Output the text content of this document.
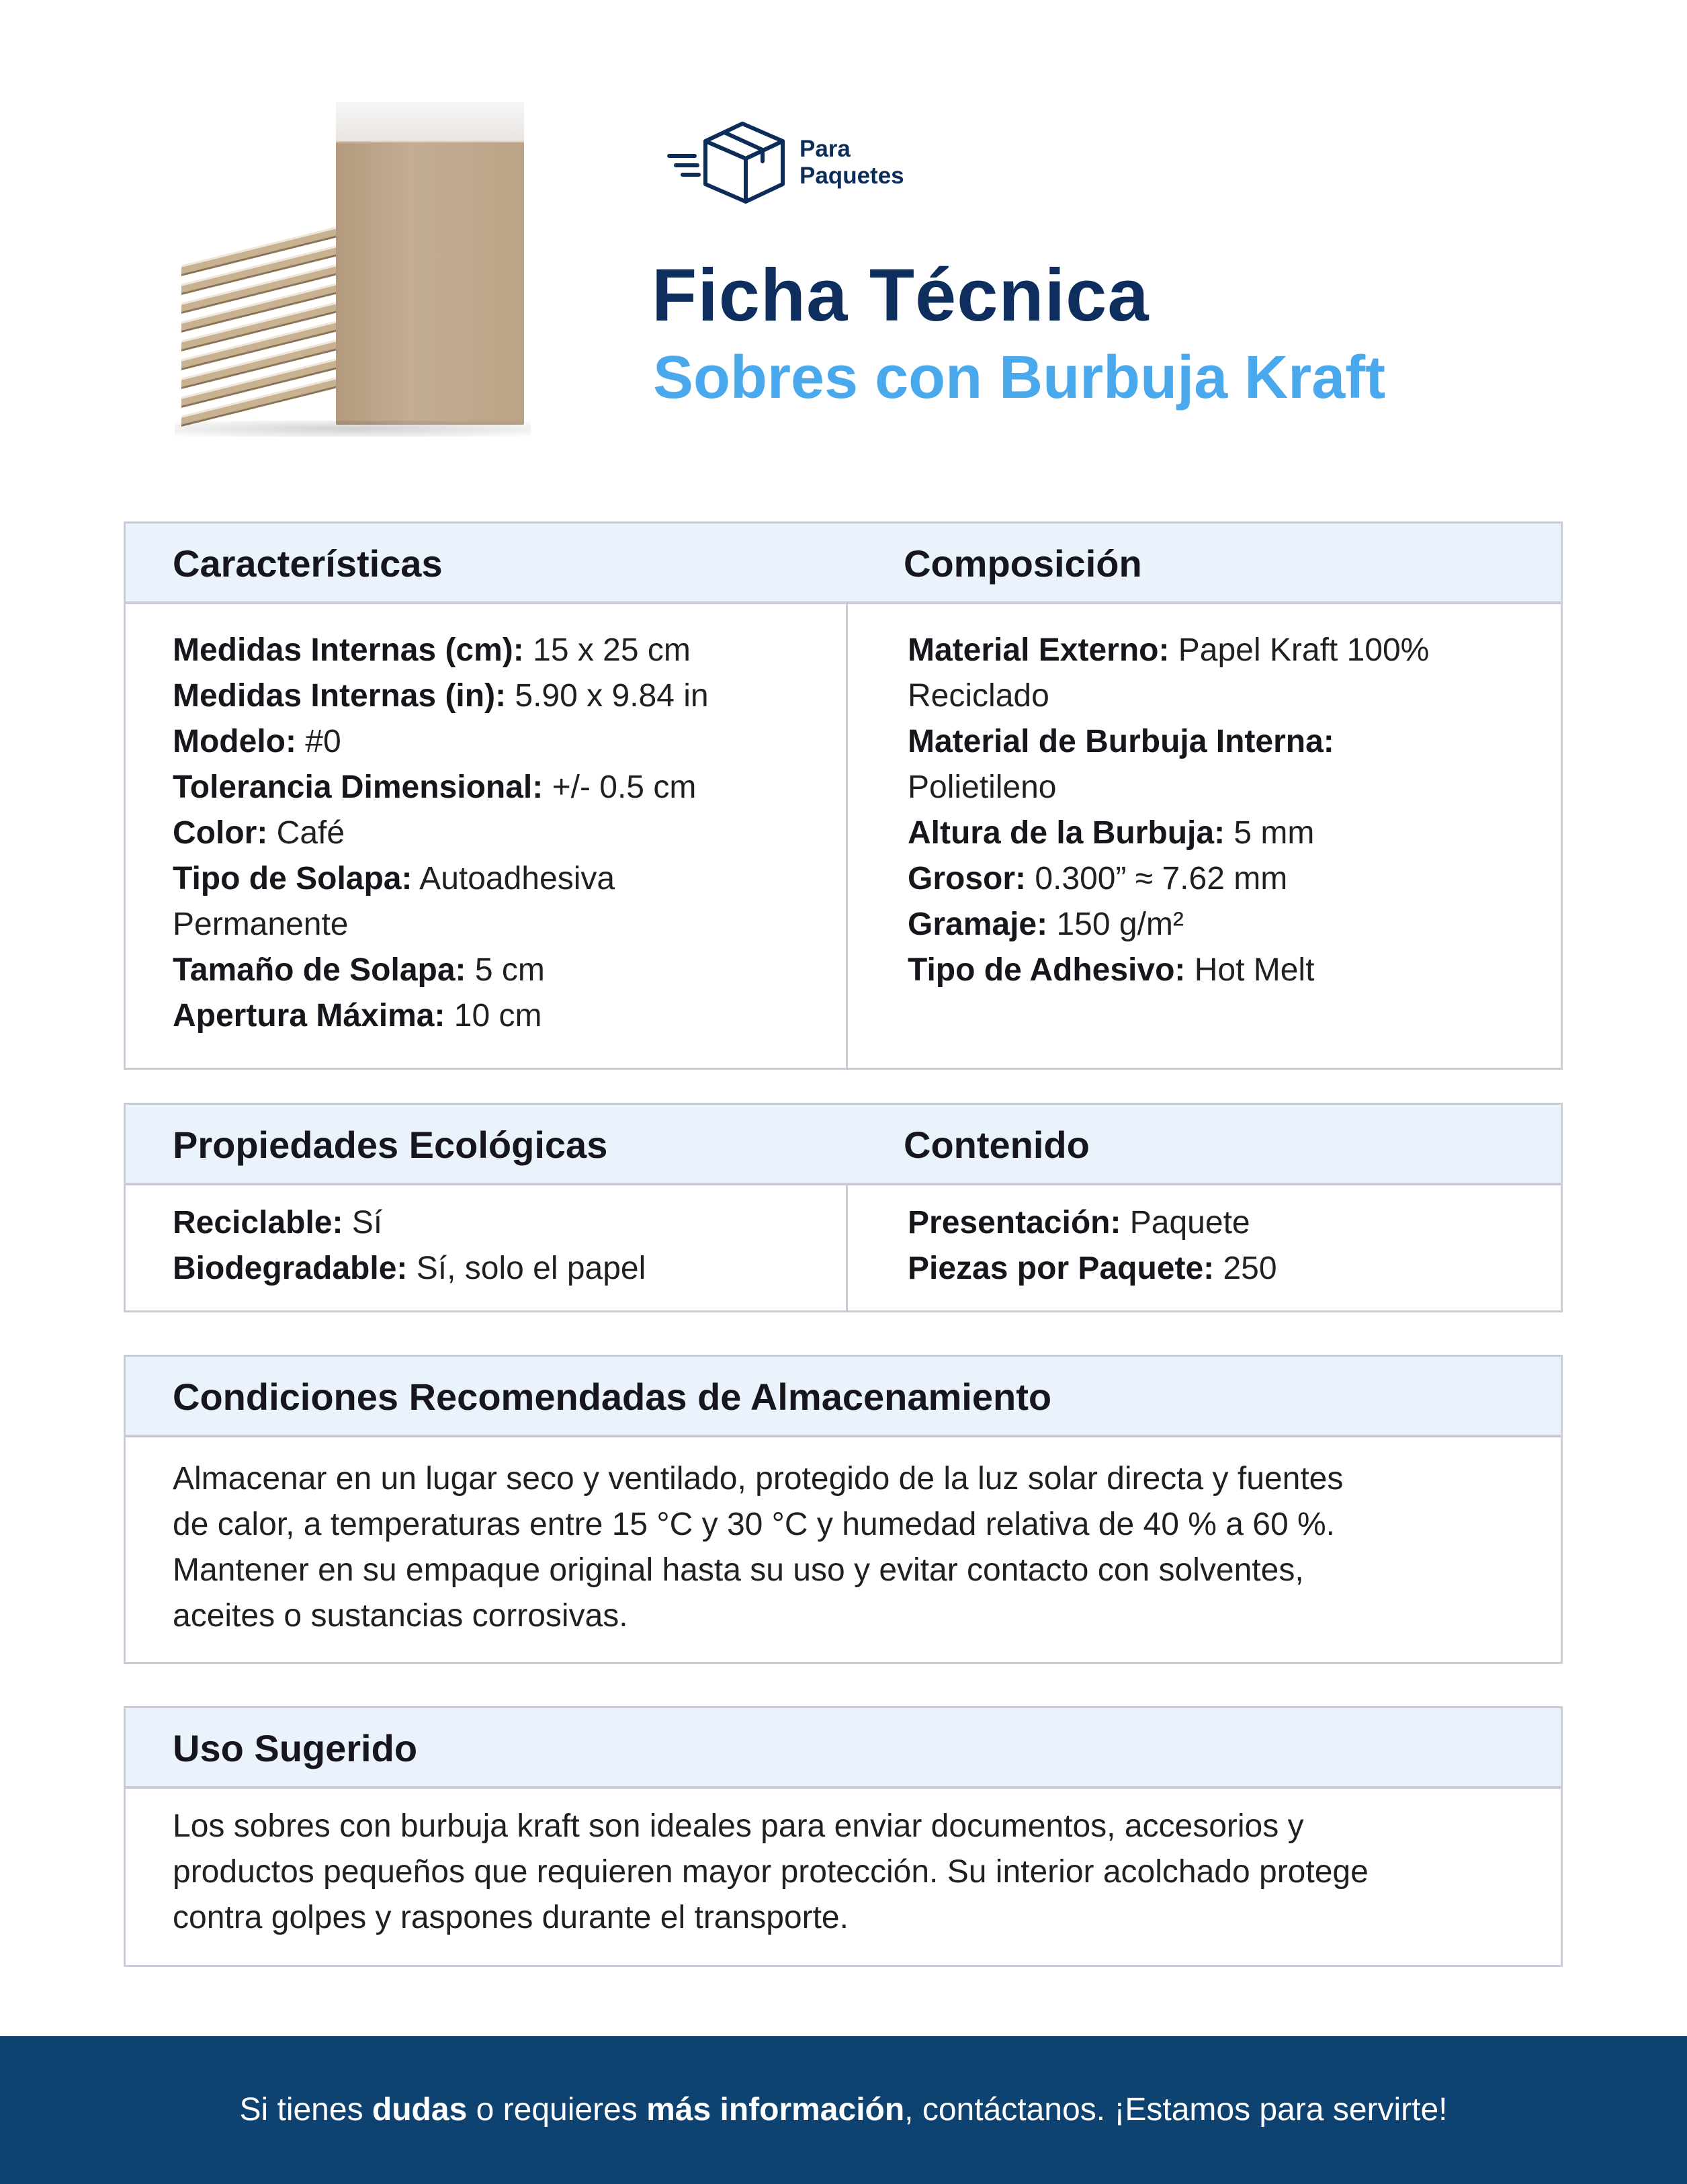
Para
Paquetes
Ficha Técnica
Sobres con Burbuja Kraft
Características	Composición
Medidas Internas (cm): 15 x 25 cm
Medidas Internas (in): 5.90 x 9.84 in
Modelo: #0
Tolerancia Dimensional: +/- 0.5 cm
Color: Café
Tipo de Solapa: Autoadhesiva
Permanente
Tamaño de Solapa: 5 cm
Apertura Máxima: 10 cm
Material Externo: Papel Kraft 100%
Reciclado
Material de Burbuja Interna:
Polietileno
Altura de la Burbuja: 5 mm
Grosor: 0.300” ≈ 7.62 mm
Gramaje: 150 g/m²
Tipo de Adhesivo: Hot Melt
Propiedades Ecológicas	Contenido
Reciclable: Sí
Biodegradable: Sí, solo el papel
Presentación: Paquete
Piezas por Paquete: 250
Condiciones Recomendadas de Almacenamiento
Almacenar en un lugar seco y ventilado, protegido de la luz solar directa y fuentes
de calor, a temperaturas entre 15 °C y 30 °C y humedad relativa de 40 % a 60 %.
Mantener en su empaque original hasta su uso y evitar contacto con solventes,
aceites o sustancias corrosivas.
Uso Sugerido
Los sobres con burbuja kraft son ideales para enviar documentos, accesorios y
productos pequeños que requieren mayor protección. Su interior acolchado protege
contra golpes y raspones durante el transporte.
Si tienes dudas o requieres más información, contáctanos. ¡Estamos para servirte!
